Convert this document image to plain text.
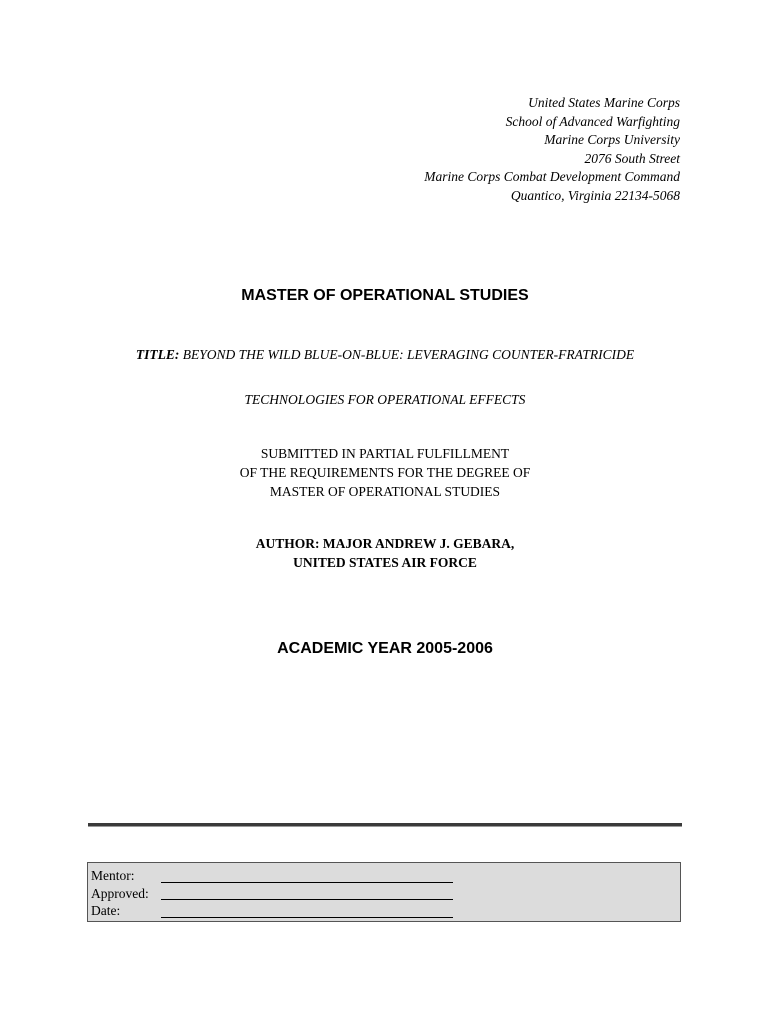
United States Marine Corps
School of Advanced Warfighting
Marine Corps University
2076 South Street
Marine Corps Combat Development Command
Quantico, Virginia 22134-5068
MASTER OF OPERATIONAL STUDIES
TITLE: BEYOND THE WILD BLUE-ON-BLUE: LEVERAGING COUNTER-FRATRICIDE
TECHNOLOGIES FOR OPERATIONAL EFFECTS
SUBMITTED IN PARTIAL FULFILLMENT
OF THE REQUIREMENTS FOR THE DEGREE OF
MASTER OF OPERATIONAL STUDIES
AUTHOR: MAJOR ANDREW J. GEBARA,
UNITED STATES AIR FORCE
ACADEMIC YEAR 2005-2006
Mentor:
Approved:
Date:
